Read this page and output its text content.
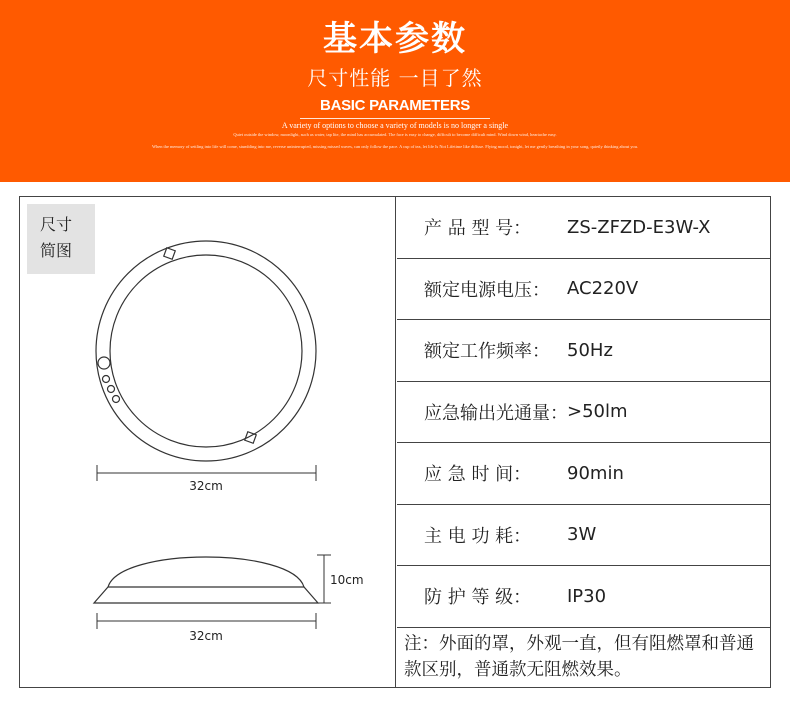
基本参数
尺寸性能 一目了然
BASIC PARAMETERS
A variety of options to choose a variety of models is no longer a single
Quiet outside the window, moonlight, such as water, tap lite, the mind has accumulated. The face is easy to change, difficult to become difficult mind. Wind down wind, heartache easy.
When the memory of settling into life will come, stumbling into me, reverse uninterrupted, missing missed waves, can only follow the pace. A cup of tea, let life Is Not Lifetime like diffuse. Flying mood, tonight, let me gently breathing in your song, quietly thinking about you.
尺寸
简图
32cm
10cm
32cm
产 品 型 号：	ZS-ZFZD-E3W-X
额定电源电压： AC220V
额定工作频率： 50Hz
应急输出光通量： >50lm
应 急 时 间：	90min
主 电 功 耗：	3W
防 护 等 级：	IP30
注：外面的罩，外观一直，但有阻燃罩和普通款区别，普通款无阻燃效果。
